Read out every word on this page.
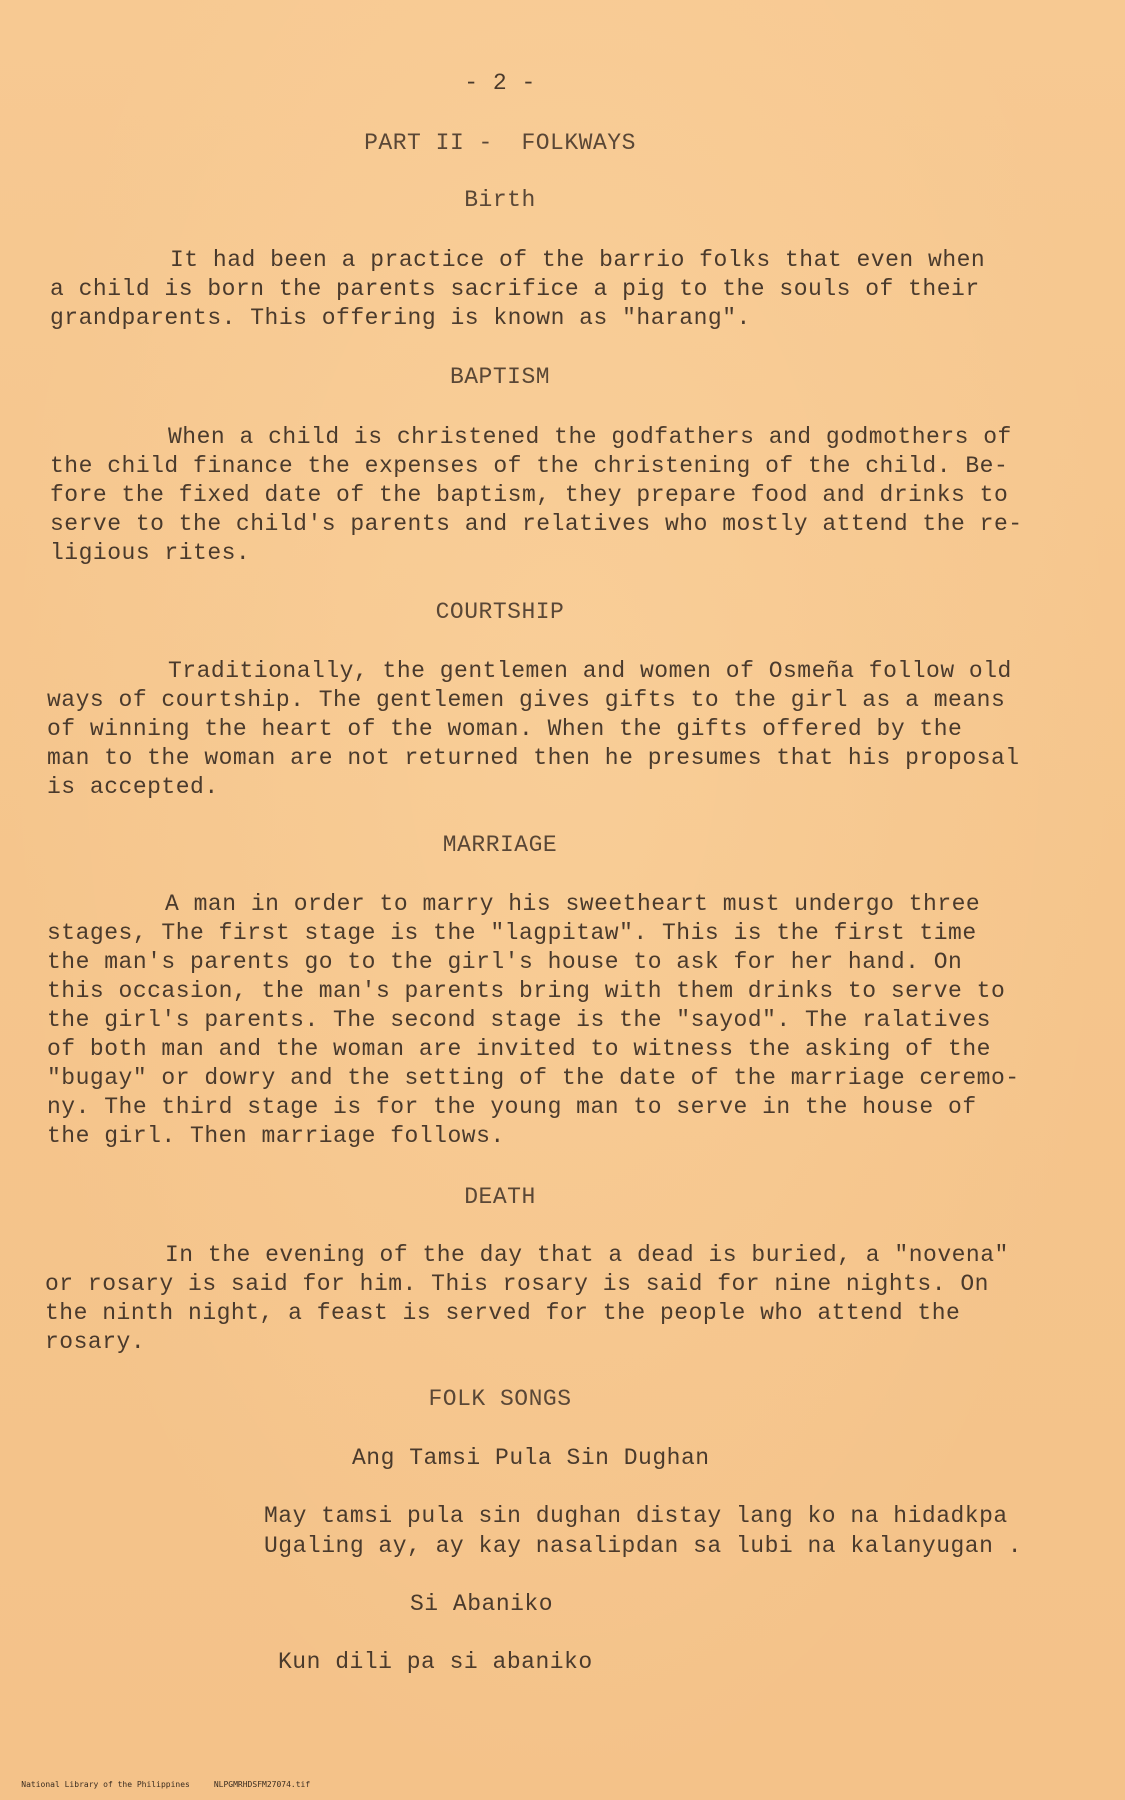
- 2 -
PART II -  FOLKWAYS
Birth
It had been a practice of the barrio folks that even when
a child is born the parents sacrifice a pig to the souls of their
grandparents. This offering is known as "harang".
BAPTISM
When a child is christened the godfathers and godmothers of
the child finance the expenses of the christening of the child. Be-
fore the fixed date of the baptism, they prepare food and drinks to
serve to the child's parents and relatives who mostly attend the re-
ligious rites.
COURTSHIP
Traditionally, the gentlemen and women of Osmeña follow old
ways of courtship. The gentlemen gives gifts to the girl as a means
of winning the heart of the woman. When the gifts offered by the
man to the woman are not returned then he presumes that his proposal
is accepted.
MARRIAGE
A man in order to marry his sweetheart must undergo three
stages, The first stage is the "lagpitaw". This is the first time
the man's parents go to the girl's house to ask for her hand. On
this occasion, the man's parents bring with them drinks to serve to
the girl's parents. The second stage is the "sayod". The ralatives
of both man and the woman are invited to witness the asking of the
"bugay" or dowry and the setting of the date of the marriage ceremo-
ny. The third stage is for the young man to serve in the house of
the girl. Then marriage follows.
DEATH
In the evening of the day that a dead is buried, a "novena"
or rosary is said for him. This rosary is said for nine nights. On
the ninth night, a feast is served for the people who attend the
rosary.
FOLK SONGS
Ang Tamsi Pula Sin Dughan
May tamsi pula sin dughan distay lang ko na hidadkpa
Ugaling ay, ay kay nasalipdan sa lubi na kalanyugan .
Si Abaniko
Kun dili pa si abaniko

National Library of the Philippines	NLPGMRHDSFM27074.tif
